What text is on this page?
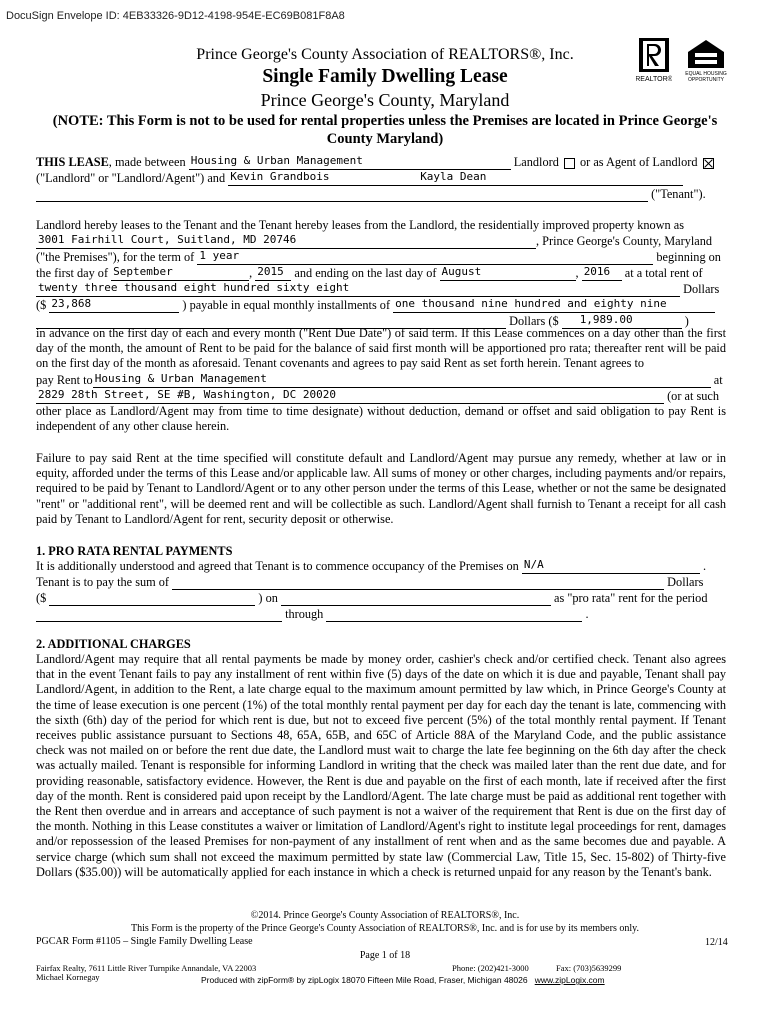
DocuSign Envelope ID: 4EB33326-9D12-4198-954E-EC69B081F8A8
Prince George's County Association of REALTORS®, Inc.
Single Family Dwelling Lease
Prince George's County, Maryland
REALTOR®
EQUAL HOUSING
OPPORTUNITY
(NOTE: This Form is not to be used for rental properties unless the Premises are located in Prince George's County Maryland)
THIS LEASE, made between Housing & Urban Management	Landlord or as Agent of Landlord
("Landlord" or "Landlord/Agent") and Kevin Grandbois	Kayla Dean
("Tenant").
Landlord hereby leases to the Tenant and the Tenant hereby leases from the Landlord, the residentially improved property known as
3001 Fairhill Court, Suitland, MD 20746	, Prince George's County, Maryland
("the Premises"), for the term of 1 year	beginning on
the first day of September	, 2015 and ending on the last day of August	, 2016 at a total rent of
twenty three thousand eight hundred sixty eight	Dollars
($ 23,868	) payable in equal monthly installments of one thousand nine hundred and eighty nine
Dollars ($ 1,989.00	)
in advance on the first day of each and every month ("Rent Due Date") of said term. If this Lease commences on a day other than the first day of the month, the amount of Rent to be paid for the balance of said first month will be apportioned pro rata; thereafter rent will be paid on the first day of the month as aforesaid. Tenant covenants and agrees to pay said Rent as set forth herein. Tenant agrees to
pay Rent to Housing & Urban Management	at
2829 28th Street, SE #B, Washington, DC 20020	(or at such
other place as Landlord/Agent may from time to time designate) without deduction, demand or offset and said obligation to pay Rent is independent of any other clause herein.
Failure to pay said Rent at the time specified will constitute default and Landlord/Agent may pursue any remedy, whether at law or in equity, afforded under the terms of this Lease and/or applicable law. All sums of money or other charges, including payments and/or repairs, required to be paid by Tenant to Landlord/Agent or to any other person under the terms of this Lease, whether or not the same be designated "rent" or "additional rent", will be deemed rent and will be collectible as such. Landlord/Agent shall furnish to Tenant a receipt for all cash paid by Tenant to Landlord/Agent for rent, security deposit or otherwise.
1. PRO RATA RENTAL PAYMENTS
It is additionally understood and agreed that Tenant is to commence occupancy of the Premises on N/A	.
Tenant is to pay the sum of	Dollars
($	) on	as "pro rata" rent for the period
through	.
2. ADDITIONAL CHARGES
Landlord/Agent may require that all rental payments be made by money order, cashier's check and/or certified check. Tenant also agrees that in the event Tenant fails to pay any installment of rent within five (5) days of the date on which it is due and payable, Tenant shall pay Landlord/Agent, in addition to the Rent, a late charge equal to the maximum amount permitted by law which, in Prince George's County at the time of lease execution is one percent (1%) of the total monthly rental payment per day for each day the tenant is late, commencing with the sixth (6th) day of the period for which rent is due, but not to exceed five percent (5%) of the total monthly rental payment. If Tenant receives public assistance pursuant to Sections 48, 65A, 65B, and 65C of Article 88A of the Maryland Code, and the public assistance check was not mailed on or before the rent due date, the Landlord must wait to charge the late fee beginning on the 6th day after the check was actually mailed. Tenant is responsible for informing Landlord in writing that the check was mailed later than the rent due date, and for providing reasonable, satisfactory evidence. However, the Rent is due and payable on the first of each month, late if received after the first day of the month. Rent is considered paid upon receipt by the Landlord/Agent. The late charge must be paid as additional rent together with the Rent then overdue and in arrears and acceptance of such payment is not a waiver of the requirement that Rent is due on the first day of the month. Nothing in this Lease constitutes a waiver or limitation of Landlord/Agent's right to institute legal proceedings for rent, damages and/or repossession of the leased Premises for non-payment of any installment of rent when and as the same becomes due and payable. A service charge (which sum shall not exceed the maximum permitted by state law (Commercial Law, Title 15, Sec. 15-802) of Thirty-five Dollars ($35.00)) will be automatically applied for each instance in which a check is returned unpaid for any reason by the Tenant's bank.
©2014. Prince George's County Association of REALTORS®, Inc.
This Form is the property of the Prince George's County Association of REALTORS®, Inc. and is for use by its members only.
PGCAR Form #1105 – Single Family Dwelling Lease	12/14
Page 1 of 18
Fairfax Realty, 7611 Little River Turnpike Annandale, VA 22003
Michael Kornegay
Phone: (202)421-3000	Fax: (703)5639299
Produced with zipForm® by zipLogix 18070 Fifteen Mile Road, Fraser, Michigan 48026 www.zipLogix.com
